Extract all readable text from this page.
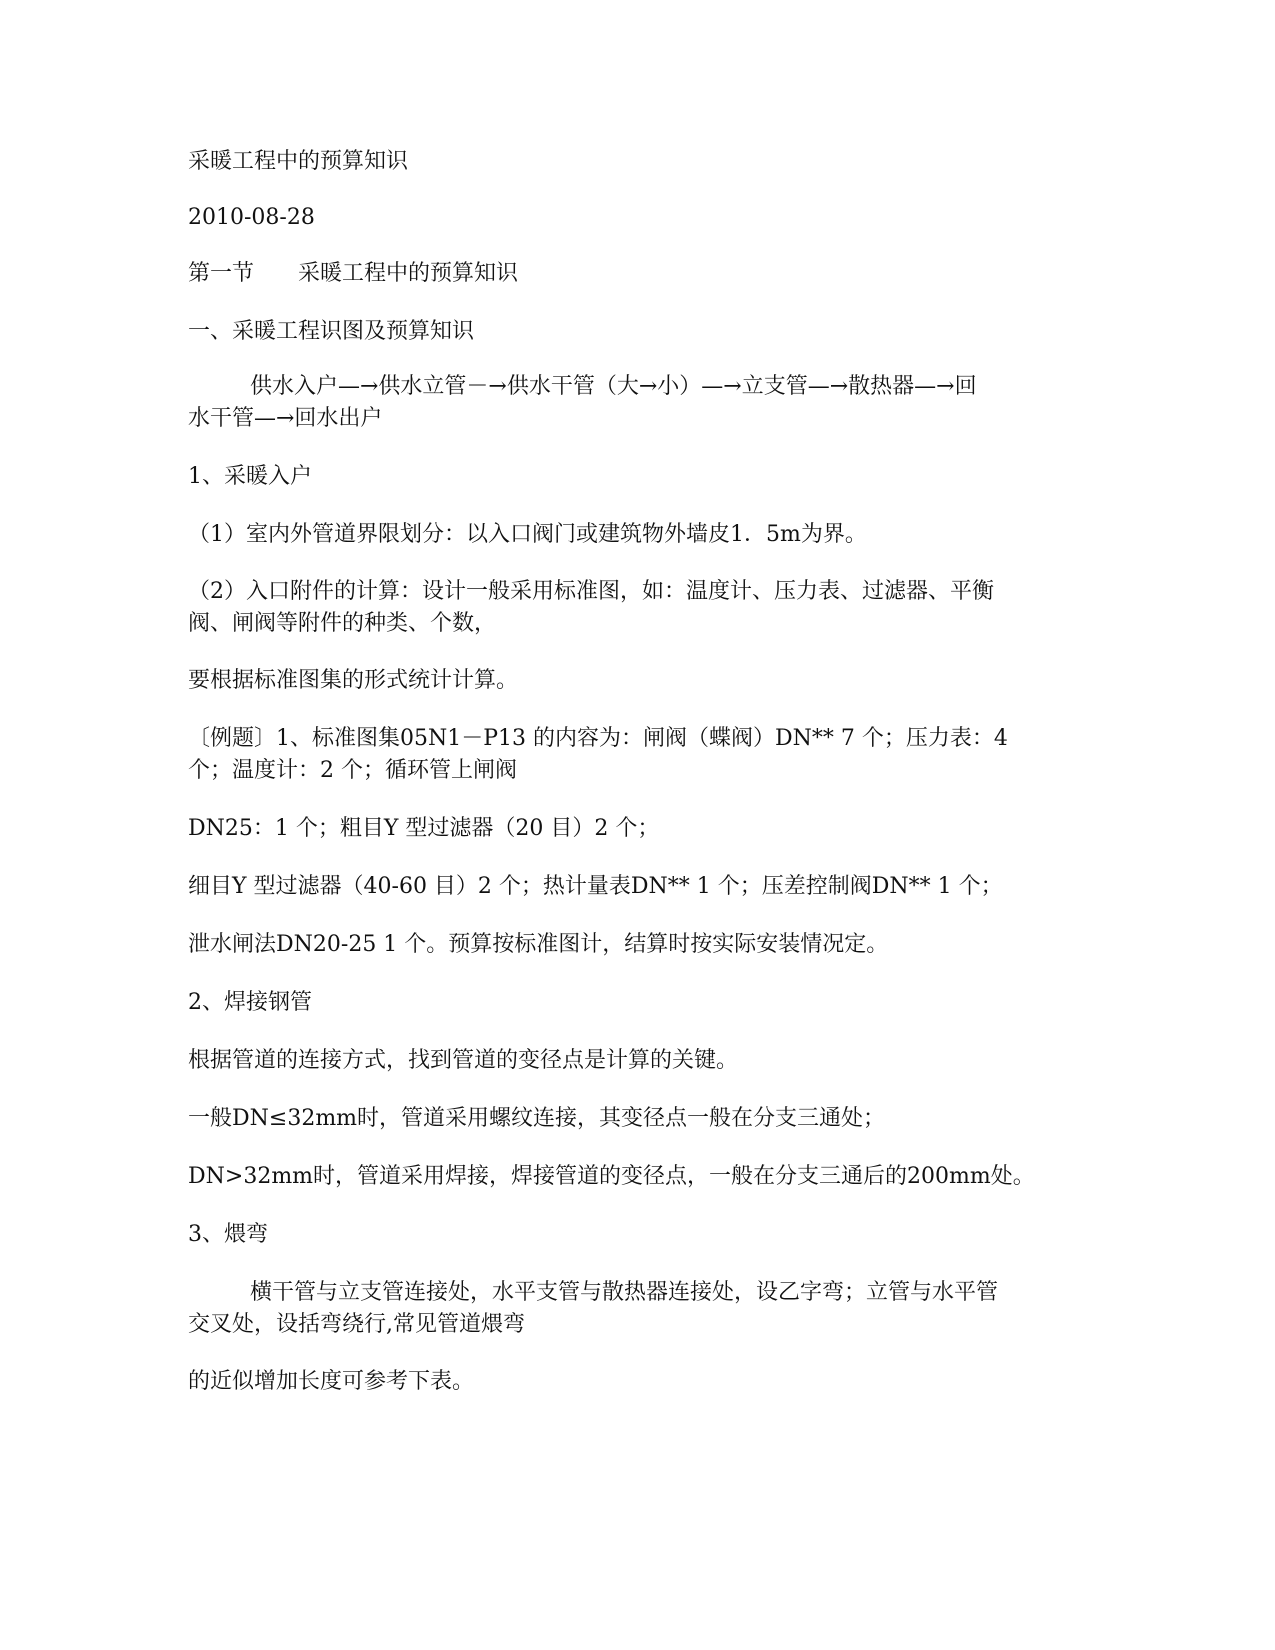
采暖工程中的预算知识
2010-08-28
第一节　　采暖工程中的预算知识
一、采暖工程识图及预算知识
供水入户—→供水立管－→供水干管（大→小）—→立支管—→散热器—→回
水干管—→回水出户
1、采暖入户
（1）室内外管道界限划分：以入口阀门或建筑物外墙皮1．5m为界。
（2）入口附件的计算：设计一般采用标准图，如：温度计、压力表、过滤器、平衡
阀、闸阀等附件的种类、个数，
要根据标准图集的形式统计计算。
〔例题〕1、标准图集05N1－P13 的内容为：闸阀（蝶阀）DN** 7 个；压力表：4
个；温度计：2 个；循环管上闸阀
DN25：1 个；粗目Y 型过滤器（20 目）2 个；
细目Y 型过滤器（40-60 目）2 个；热计量表DN** 1 个；压差控制阀DN** 1 个；
泄水闸法DN20-25 1 个。预算按标准图计，结算时按实际安装情况定。
2、焊接钢管
根据管道的连接方式，找到管道的变径点是计算的关键。
一般DN≤32mm时，管道采用螺纹连接，其变径点一般在分支三通处；
DN>32mm时，管道采用焊接，焊接管道的变径点，一般在分支三通后的200mm处。
3、煨弯
横干管与立支管连接处，水平支管与散热器连接处，设乙字弯；立管与水平管
交叉处，设括弯绕行,常见管道煨弯
的近似增加长度可参考下表。
